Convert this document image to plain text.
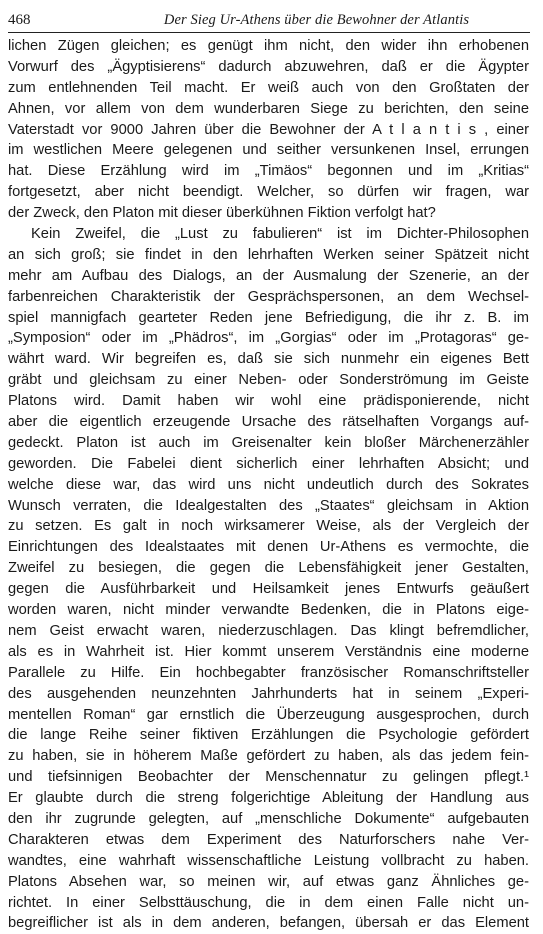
468	Der Sieg Ur-Athens über die Bewohner der Atlantis
lichen Zügen gleichen; es genügt ihm nicht, den wider ihn erhobenen
Vorwurf des „Ägyptisierens“ dadurch abzuwehren, daß er die Ägypter
zum entlehnenden Teil macht. Er weiß auch von den Großtaten der
Ahnen, vor allem von dem wunderbaren Siege zu berichten, den seine
Vaterstadt vor 9000 Jahren über die Bewohner der A t l a n t i s , einer
im westlichen Meere gelegenen und seither versunkenen Insel, errungen
hat. Diese Erzählung wird im „Timäos“ begonnen und im „Kritias“
fortgesetzt, aber nicht beendigt. Welcher, so dürfen wir fragen, war
der Zweck, den Platon mit dieser überkühnen Fiktion verfolgt hat?
Kein Zweifel, die „Lust zu fabulieren“ ist im Dichter-Philosophen
an sich groß; sie findet in den lehrhaften Werken seiner Spätzeit nicht
mehr am Aufbau des Dialogs, an der Ausmalung der Szenerie, an der
farbenreichen Charakteristik der Gesprächspersonen, an dem Wechsel-
spiel mannigfach gearteter Reden jene Befriedigung, die ihr z. B. im
„Symposion“ oder im „Phädros“, im „Gorgias“ oder im „Protagoras“ ge-
währt ward. Wir begreifen es, daß sie sich nunmehr ein eigenes Bett
gräbt und gleichsam zu einer Neben- oder Sonderströmung im Geiste
Platons wird. Damit haben wir wohl eine prädisponierende, nicht
aber die eigentlich erzeugende Ursache des rätselhaften Vorgangs auf-
gedeckt. Platon ist auch im Greisenalter kein bloßer Märchenerzähler
geworden. Die Fabelei dient sicherlich einer lehrhaften Absicht; und
welche diese war, das wird uns nicht undeutlich durch des Sokrates
Wunsch verraten, die Idealgestalten des „Staates“ gleichsam in Aktion
zu setzen. Es galt in noch wirksamerer Weise, als der Vergleich der
Einrichtungen des Idealstaates mit denen Ur-Athens es vermochte, die
Zweifel zu besiegen, die gegen die Lebensfähigkeit jener Gestalten,
gegen die Ausführbarkeit und Heilsamkeit jenes Entwurfs geäußert
worden waren, nicht minder verwandte Bedenken, die in Platons eige-
nem Geist erwacht waren, niederzuschlagen. Das klingt befremdlicher,
als es in Wahrheit ist. Hier kommt unserem Verständnis eine moderne
Parallele zu Hilfe. Ein hochbegabter französischer Romanschriftsteller
des ausgehenden neunzehnten Jahrhunderts hat in seinem „Experi-
mentellen Roman“ gar ernstlich die Überzeugung ausgesprochen, durch
die lange Reihe seiner fiktiven Erzählungen die Psychologie gefördert
zu haben, sie in höherem Maße gefördert zu haben, als das jedem fein-
und tiefsinnigen Beobachter der Menschennatur zu gelingen pflegt.¹
Er glaubte durch die streng folgerichtige Ableitung der Handlung aus
den ihr zugrunde gelegten, auf „menschliche Dokumente“ aufgebauten
Charakteren etwas dem Experiment des Naturforschers nahe Ver-
wandtes, eine wahrhaft wissenschaftliche Leistung vollbracht zu haben.
Platons Absehen war, so meinen wir, auf etwas ganz Ähnliches ge-
richtet. In einer Selbsttäuschung, die in dem einen Falle nicht un-
begreiflicher ist als in dem anderen, befangen, übersah er das Element
